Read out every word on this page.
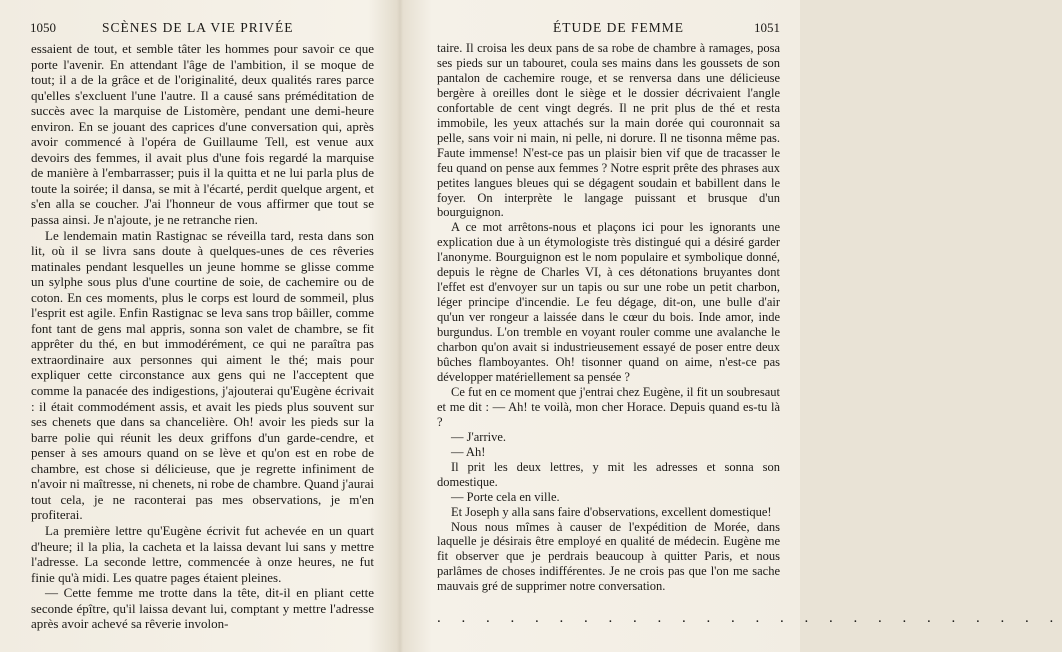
1050	SCÈNES DE LA VIE PRIVÉE

essaient de tout, et semble tâter les hommes pour savoir ce que porte l'avenir. En attendant l'âge de l'ambition, il se moque de tout; il a de la grâce et de l'originalité, deux qualités rares parce qu'elles s'excluent l'une l'autre. Il a causé sans préméditation de succès avec la marquise de Listomère, pendant une demi-heure environ. En se jouant des caprices d'une conversation qui, après avoir commencé à l'opéra de Guillaume Tell, est venue aux devoirs des femmes, il avait plus d'une fois regardé la marquise de manière à l'embarrasser; puis il la quitta et ne lui parla plus de toute la soirée; il dansa, se mit à l'écarté, perdit quelque argent, et s'en alla se coucher. J'ai l'honneur de vous affirmer que tout se passa ainsi. Je n'ajoute, je ne retranche rien.

Le lendemain matin Rastignac se réveilla tard, resta dans son lit, où il se livra sans doute à quelques-unes de ces rêveries matinales pendant lesquelles un jeune homme se glisse comme un sylphe sous plus d'une courtine de soie, de cachemire ou de coton. En ces moments, plus le corps est lourd de sommeil, plus l'esprit est agile. Enfin Rastignac se leva sans trop bâiller, comme font tant de gens mal appris, sonna son valet de chambre, se fit apprêter du thé, en but immodérément, ce qui ne paraîtra pas extraordinaire aux personnes qui aiment le thé; mais pour expliquer cette circonstance aux gens qui ne l'acceptent que comme la panacée des indigestions, j'ajouterai qu'Eugène écrivait : il était commodément assis, et avait les pieds plus souvent sur ses chenets que dans sa chancelière. Oh! avoir les pieds sur la barre polie qui réunit les deux griffons d'un garde-cendre, et penser à ses amours quand on se lève et qu'on est en robe de chambre, est chose si délicieuse, que je regrette infiniment de n'avoir ni maîtresse, ni chenets, ni robe de chambre. Quand j'aurai tout cela, je ne raconterai pas mes observations, je m'en profiterai.

La première lettre qu'Eugène écrivit fut achevée en un quart d'heure; il la plia, la cacheta et la laissa devant lui sans y mettre l'adresse. La seconde lettre, commencée à onze heures, ne fut finie qu'à midi. Les quatre pages étaient pleines.

— Cette femme me trotte dans la tête, dit-il en pliant cette seconde épître, qu'il laissa devant lui, comptant y mettre l'adresse après avoir achevé sa rêverie involon-

ÉTUDE DE FEMME	1051

taire. Il croisa les deux pans de sa robe de chambre à ramages, posa ses pieds sur un tabouret, coula ses mains dans les goussets de son pantalon de cachemire rouge, et se renversa dans une délicieuse bergère à oreilles dont le siège et le dossier décrivaient l'angle confortable de cent vingt degrés. Il ne prit plus de thé et resta immobile, les yeux attachés sur la main dorée qui couronnait sa pelle, sans voir ni main, ni pelle, ni dorure. Il ne tisonna même pas. Faute immense! N'est-ce pas un plaisir bien vif que de tracasser le feu quand on pense aux femmes ? Notre esprit prête des phrases aux petites langues bleues qui se dégagent soudain et babillent dans le foyer. On interprète le langage puissant et brusque d'un bourguignon.

A ce mot arrêtons-nous et plaçons ici pour les ignorants une explication due à un étymologiste très distingué qui a désiré garder l'anonyme. Bourguignon est le nom populaire et symbolique donné, depuis le règne de Charles VI, à ces détonations bruyantes dont l'effet est d'envoyer sur un tapis ou sur une robe un petit charbon, léger principe d'incendie. Le feu dégage, dit-on, une bulle d'air qu'un ver rongeur a laissée dans le cœur du bois. Inde amor, inde burgundus. L'on tremble en voyant rouler comme une avalanche le charbon qu'on avait si industrieusement essayé de poser entre deux bûches flamboyantes. Oh! tisonner quand on aime, n'est-ce pas développer matériellement sa pensée ?

Ce fut en ce moment que j'entrai chez Eugène, il fit un soubresaut et me dit : — Ah! te voilà, mon cher Horace. Depuis quand es-tu là ?

— J'arrive.

— Ah!

Il prit les deux lettres, y mit les adresses et sonna son domestique.

— Porte cela en ville.

Et Joseph y alla sans faire d'observations, excellent domestique!

Nous nous mîmes à causer de l'expédition de Morée, dans laquelle je désirais être employé en qualité de médecin. Eugène me fit observer que je perdrais beaucoup à quitter Paris, et nous parlâmes de choses indifférentes. Je ne crois pas que l'on me sache mauvais gré de supprimer notre conversation.

. . . . . . . . . . . . . . . . . . . . . . . . . .
